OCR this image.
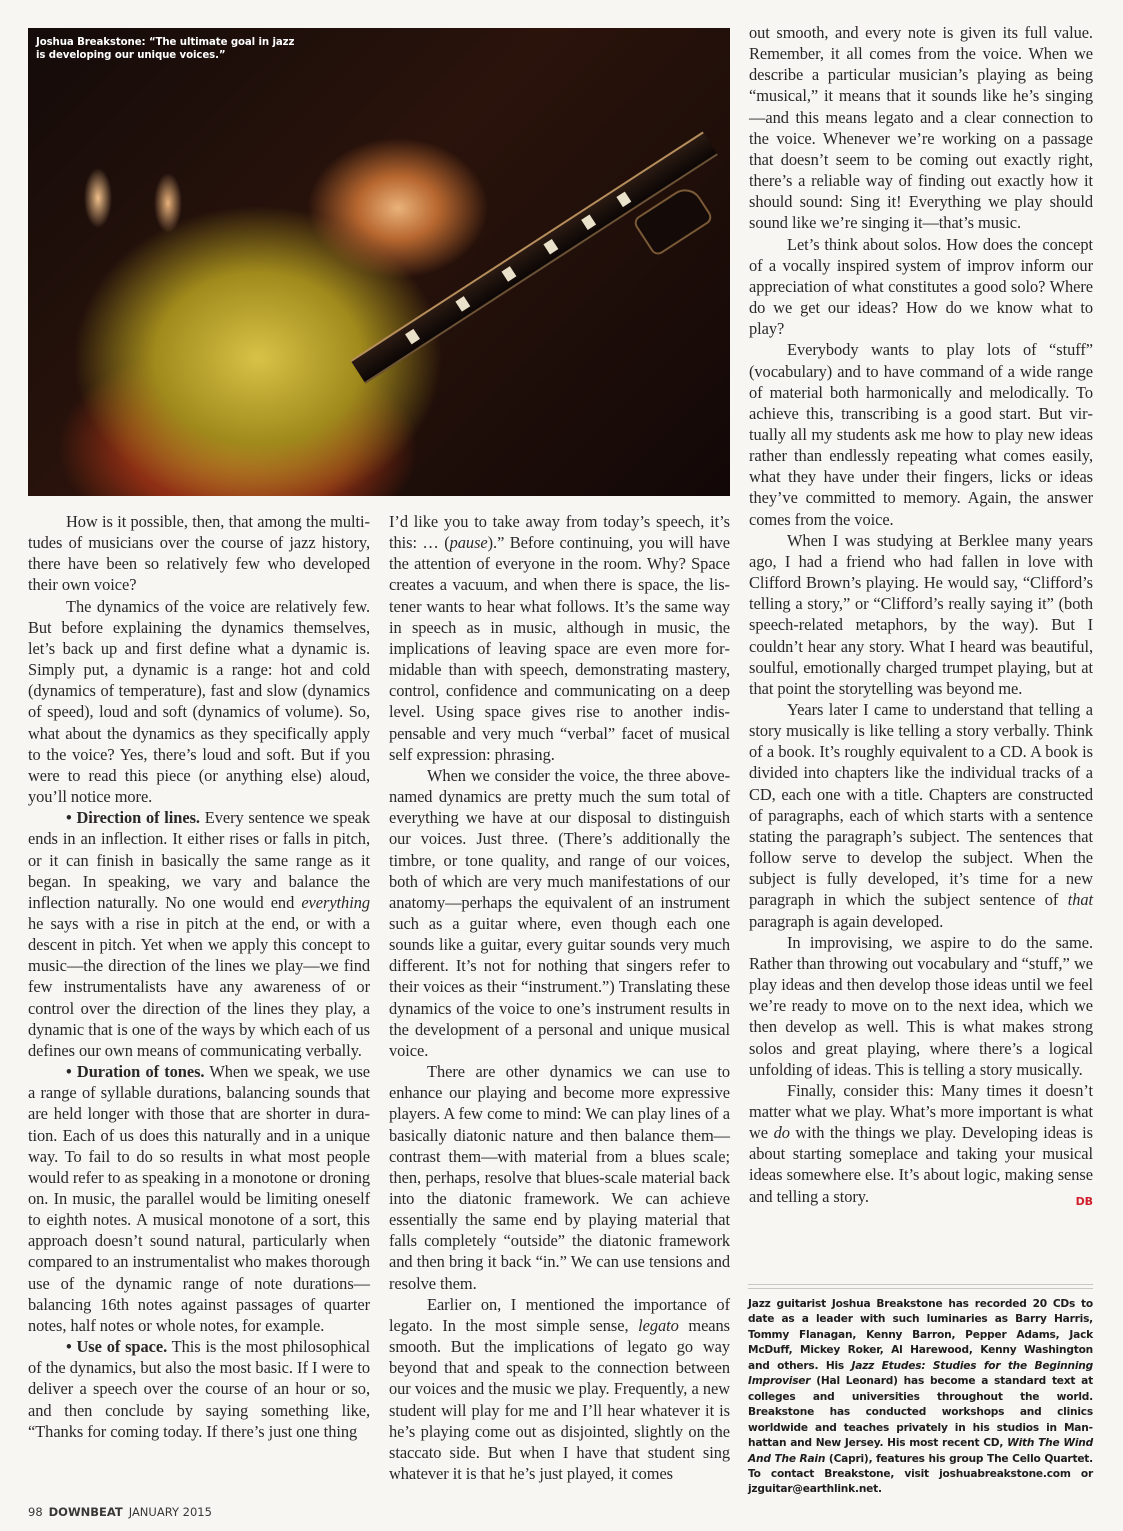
Joshua Breakstone: “The ultimate goal in jazz is developing our unique voices.”

How is it possible, then, that among the multitudes of musicians over the course of jazz history, there have been so relatively few who developed their own voice?

The dynamics of the voice are relatively few. But before explaining the dynamics themselves, let’s back up and first define what a dynamic is. Simply put, a dynamic is a range: hot and cold (dynamics of temperature), fast and slow (dynamics of speed), loud and soft (dynamics of volume). So, what about the dynamics as they specifically apply to the voice? Yes, there’s loud and soft. But if you were to read this piece (or anything else) aloud, you’ll notice more.

• Direction of lines. Every sentence we speak ends in an inflection. It either rises or falls in pitch, or it can finish in basically the same range as it began. In speaking, we vary and balance the inflection naturally. No one would end everything he says with a rise in pitch at the end, or with a descent in pitch. Yet when we apply this concept to music—the direction of the lines we play—we find few instrumentalists have any awareness of or control over the direction of the lines they play, a dynamic that is one of the ways by which each of us defines our own means of communicating verbally.

• Duration of tones. When we speak, we use a range of syllable durations, balancing sounds that are held longer with those that are shorter in duration. Each of us does this naturally and in a unique way. To fail to do so results in what most people would refer to as speaking in a monotone or droning on. In music, the parallel would be limiting oneself to eighth notes. A musical monotone of a sort, this approach doesn’t sound natural, particularly when compared to an instrumentalist who makes thorough use of the dynamic range of note durations—balancing 16th notes against passages of quarter notes, half notes or whole notes, for example.

• Use of space. This is the most philosophical of the dynamics, but also the most basic. If I were to deliver a speech over the course of an hour or so, and then conclude by saying something like, “Thanks for coming today. If there’s just one thing

I’d like you to take away from today’s speech, it’s this: … (pause).” Before continuing, you will have the attention of everyone in the room. Why? Space creates a vacuum, and when there is space, the listener wants to hear what follows. It’s the same way in speech as in music, although in music, the implications of leaving space are even more formidable than with speech, demonstrating mastery, control, confidence and communicating on a deep level. Using space gives rise to another indispensable and very much “verbal” facet of musical self expression: phrasing.

When we consider the voice, the three above-named dynamics are pretty much the sum total of everything we have at our disposal to distinguish our voices. Just three. (There’s additionally the timbre, or tone quality, and range of our voices, both of which are very much manifestations of our anatomy—perhaps the equivalent of an instrument such as a guitar where, even though each one sounds like a guitar, every guitar sounds very much different. It’s not for nothing that singers refer to their voices as their “instrument.”) Translating these dynamics of the voice to one’s instrument results in the development of a personal and unique musical voice.

There are other dynamics we can use to enhance our playing and become more expressive players. A few come to mind: We can play lines of a basically diatonic nature and then balance them—contrast them—with material from a blues scale; then, perhaps, resolve that blues-scale material back into the diatonic framework. We can achieve essentially the same end by playing material that falls completely “outside” the diatonic framework and then bring it back “in.” We can use tensions and resolve them.

Earlier on, I mentioned the importance of legato. In the most simple sense, legato means smooth. But the implications of legato go way beyond that and speak to the connection between our voices and the music we play. Frequently, a new student will play for me and I’ll hear whatever it is he’s playing come out as disjointed, slightly on the staccato side. But when I have that student sing whatever it is that he’s just played, it comes

out smooth, and every note is given its full value. Remember, it all comes from the voice. When we describe a particular musician’s playing as being “musical,” it means that it sounds like he’s singing—and this means legato and a clear connection to the voice. Whenever we’re working on a passage that doesn’t seem to be coming out exactly right, there’s a reliable way of finding out exactly how it should sound: Sing it! Everything we play should sound like we’re singing it—that’s music.

Let’s think about solos. How does the concept of a vocally inspired system of improv inform our appreciation of what constitutes a good solo? Where do we get our ideas? How do we know what to play?

Everybody wants to play lots of “stuff” (vocabulary) and to have command of a wide range of material both harmonically and melodically. To achieve this, transcribing is a good start. But virtually all my students ask me how to play new ideas rather than endlessly repeating what comes easily, what they have under their fingers, licks or ideas they’ve committed to memory. Again, the answer comes from the voice.

When I was studying at Berklee many years ago, I had a friend who had fallen in love with Clifford Brown’s playing. He would say, “Clifford’s telling a story,” or “Clifford’s really saying it” (both speech-related metaphors, by the way). But I couldn’t hear any story. What I heard was beautiful, soulful, emotionally charged trumpet playing, but at that point the storytelling was beyond me.

Years later I came to understand that telling a story musically is like telling a story verbally. Think of a book. It’s roughly equivalent to a CD. A book is divided into chapters like the individual tracks of a CD, each one with a title. Chapters are constructed of paragraphs, each of which starts with a sentence stating the paragraph’s subject. The sentences that follow serve to develop the subject. When the subject is fully developed, it’s time for a new paragraph in which the subject sentence of that paragraph is again developed.

In improvising, we aspire to do the same. Rather than throwing out vocabulary and “stuff,” we play ideas and then develop those ideas until we feel we’re ready to move on to the next idea, which we then develop as well. This is what makes strong solos and great playing, where there’s a logical unfolding of ideas. This is telling a story musically.

Finally, consider this: Many times it doesn’t matter what we play. What’s more important is what we do with the things we play. Developing ideas is about starting someplace and taking your musical ideas somewhere else. It’s about logic, making sense and telling a story.	DB

Jazz guitarist Joshua Breakstone has recorded 20 CDs to date as a leader with such luminaries as Barry Harris, Tommy Flanagan, Kenny Barron, Pepper Adams, Jack McDuff, Mickey Roker, Al Harewood, Kenny Washington and others. His Jazz Etudes: Studies for the Beginning Improviser (Hal Leonard) has become a standard text at colleges and universities throughout the world. Breakstone has conducted workshops and clinics worldwide and teaches privately in his studios in Manhattan and New Jersey. His most recent CD, With The Wind And The Rain (Capri), features his group The Cello Quartet. To contact Breakstone, visit joshuabreakstone.com or jzguitar@​earthlink.net.
98 DOWNBEAT JANUARY 2015
